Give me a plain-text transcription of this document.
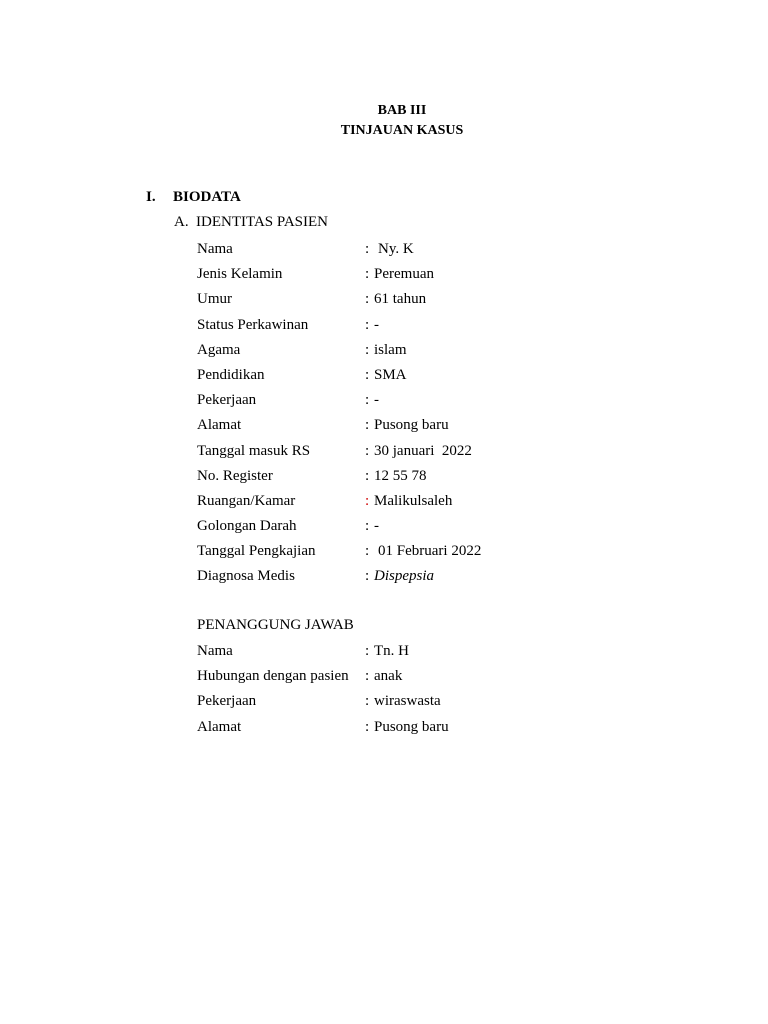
BAB III
TINJAUAN KASUS
I. BIODATA
A. IDENTITAS PASIEN
Nama	: Ny. K
Jenis Kelamin	: Peremuan
Umur	: 61 tahun
Status Perkawinan	: -
Agama	: islam
Pendidikan	: SMA
Pekerjaan	: -
Alamat	: Pusong baru
Tanggal masuk RS	: 30 januari  2022
No. Register	: 12 55 78
Ruangan/Kamar	: Malikulsaleh
Golongan Darah	: -
Tanggal Pengkajian	: 01 Februari 2022
Diagnosa Medis	: Dispepsia
PENANGGUNG JAWAB
Nama	: Tn. H
Hubungan dengan pasien : anak
Pekerjaan	: wiraswasta
Alamat	: Pusong baru
